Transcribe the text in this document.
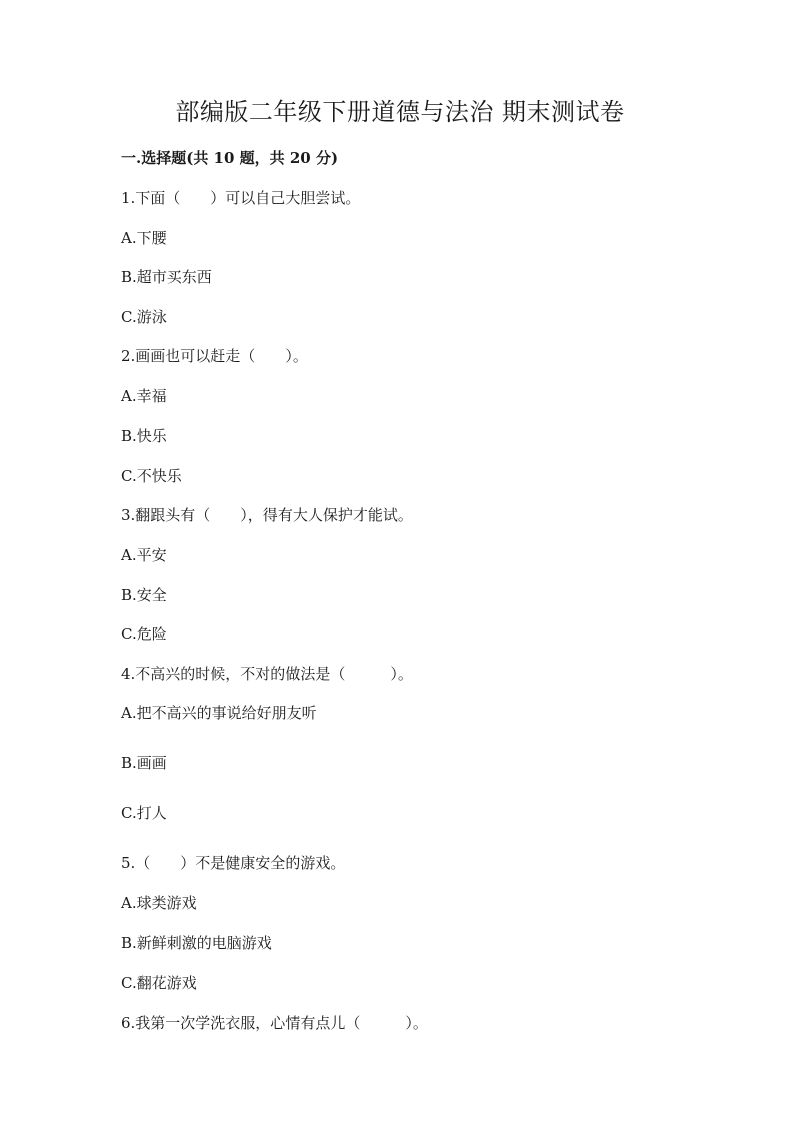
部编版二年级下册道德与法治 期末测试卷
一.选择题(共 10 题，共 20 分)
1.下面（　　）可以自己大胆尝试。
A.下腰
B.超市买东西
C.游泳
2.画画也可以赶走（　　）。
A.幸福
B.快乐
C.不快乐
3.翻跟头有（　　），得有大人保护才能试。
A.平安
B.安全
C.危险
4.不高兴的时候，不对的做法是（　　　）。
A.把不高兴的事说给好朋友听
B.画画
C.打人
5.（　　）不是健康安全的游戏。
A.球类游戏
B.新鲜刺激的电脑游戏
C.翻花游戏
6.我第一次学洗衣服，心情有点儿（　　　）。
